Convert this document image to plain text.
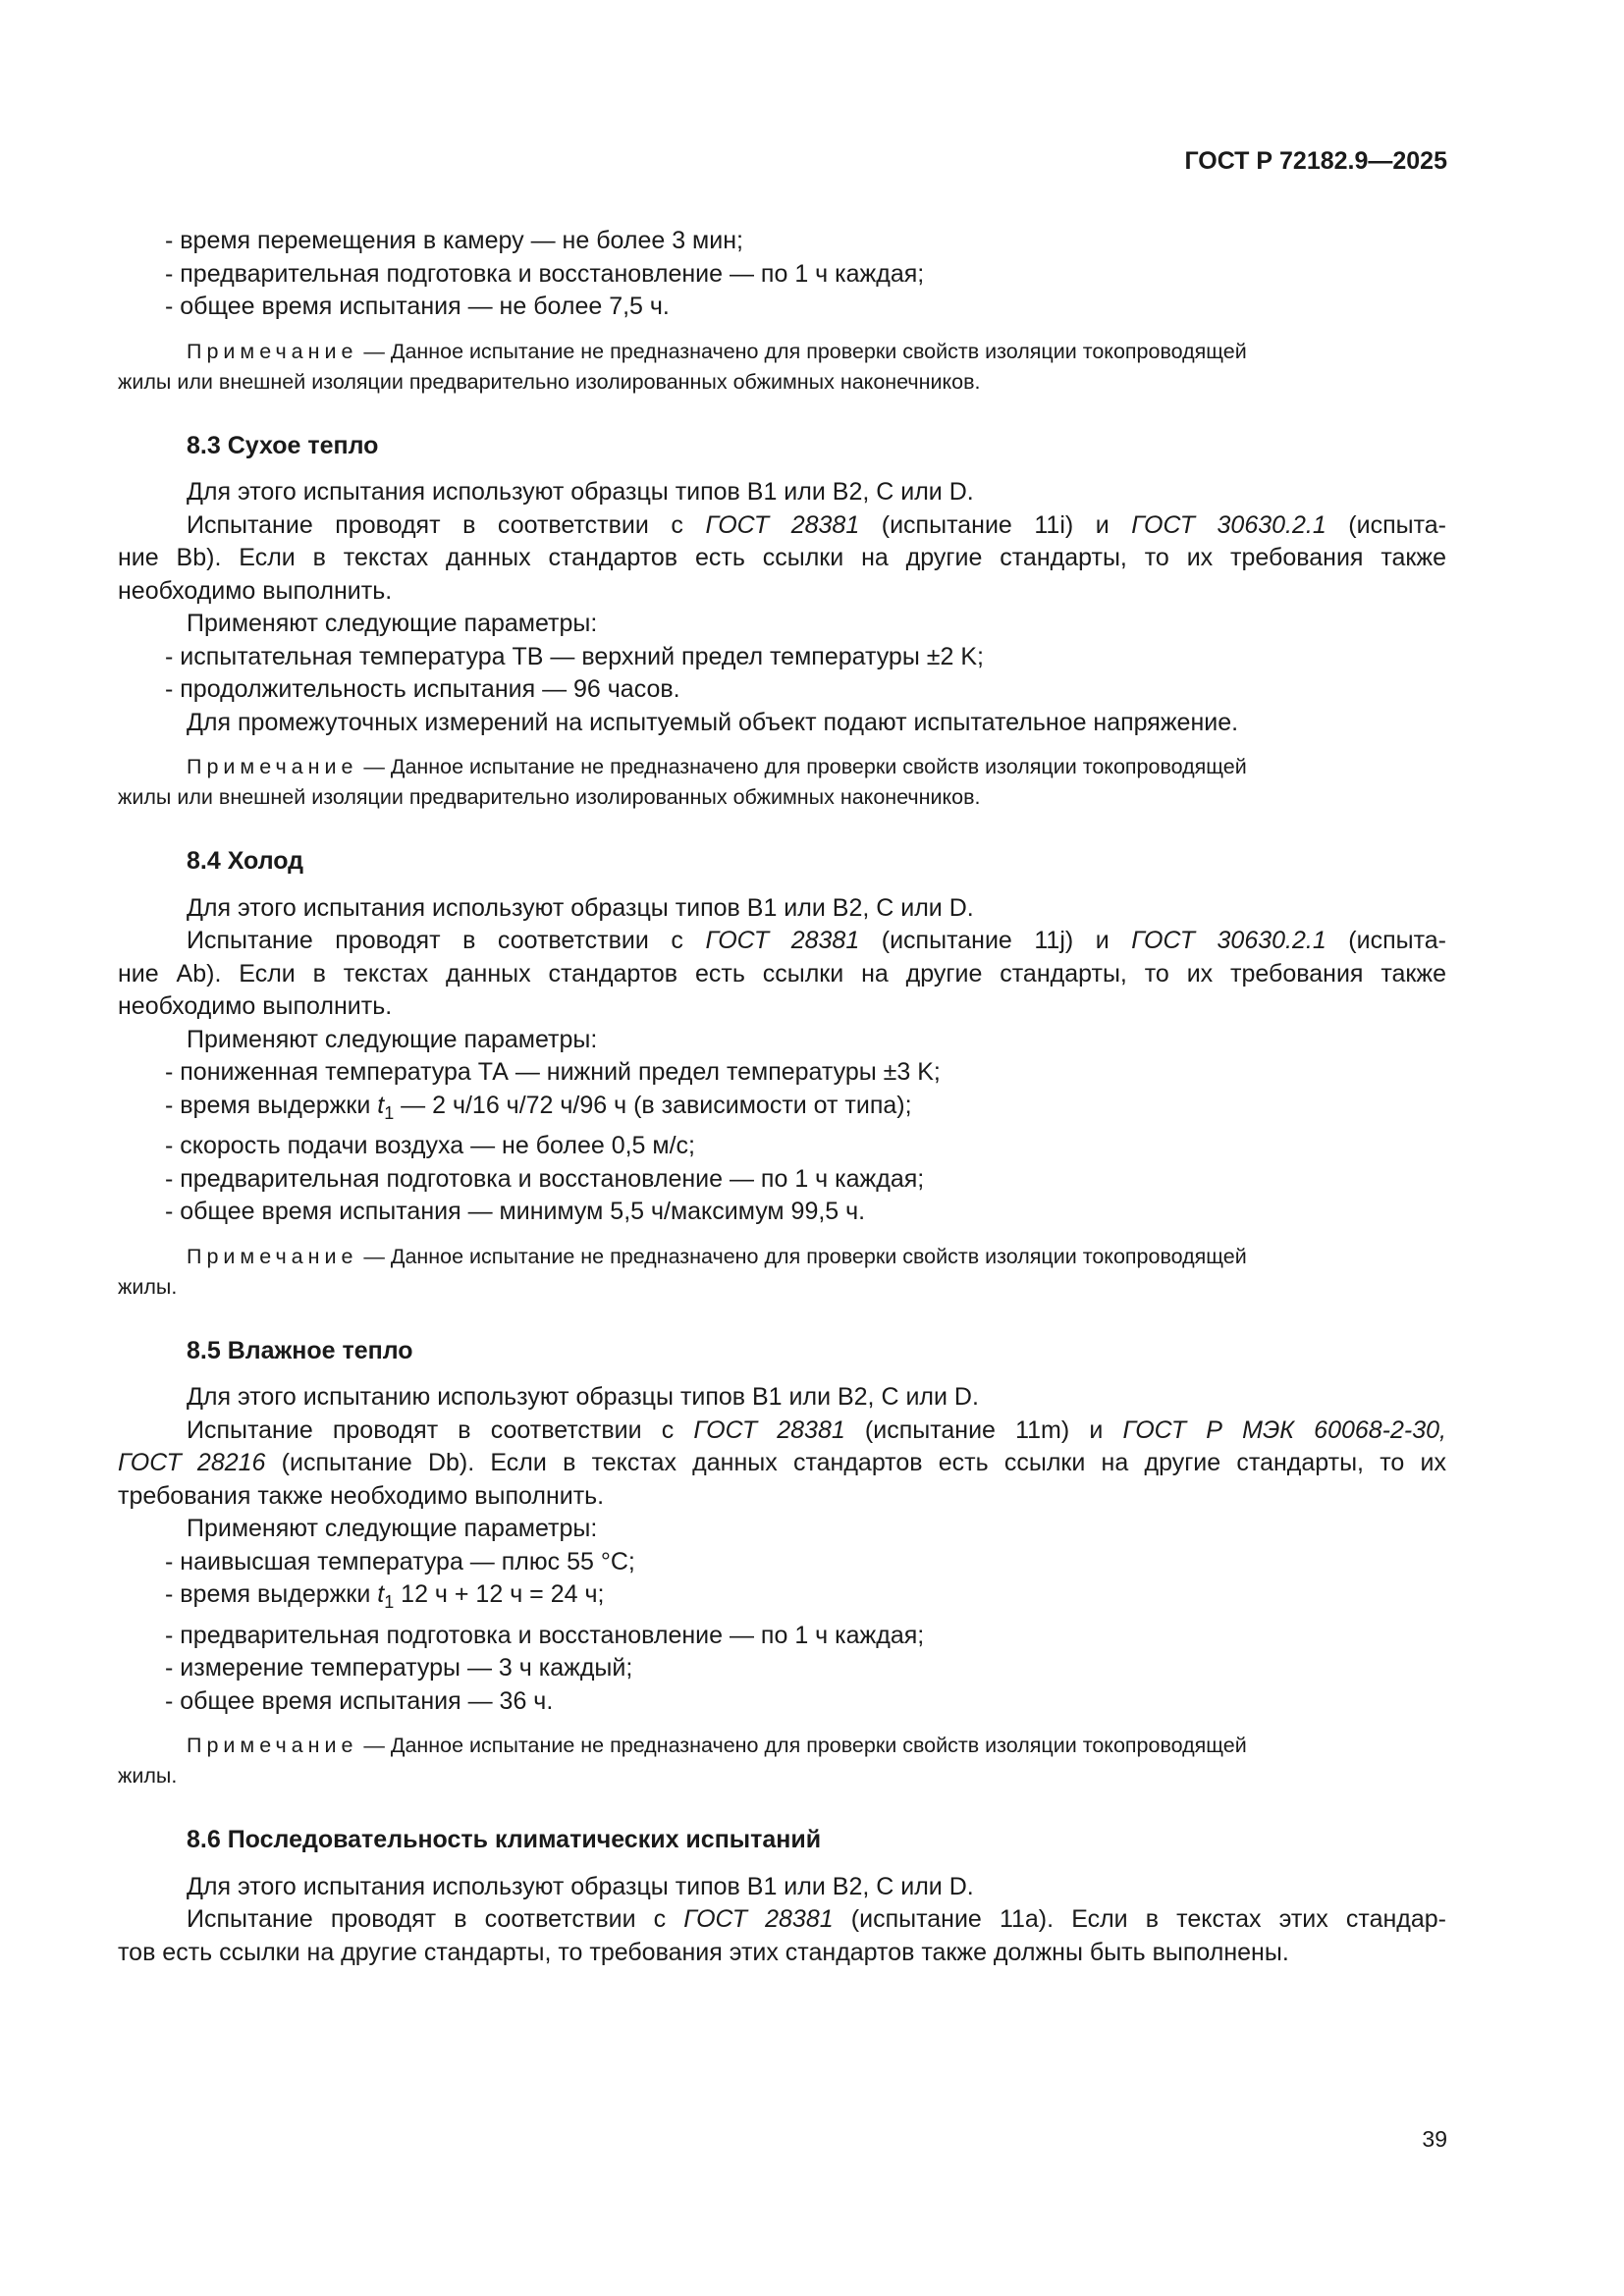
ГОСТ Р 72182.9—2025
- время перемещения в камеру — не более 3 мин;
- предварительная подготовка и восстановление — по 1 ч каждая;
- общее время испытания — не более 7,5 ч.
Примечание — Данное испытание не предназначено для проверки свойств изоляции токопроводящей
жилы или внешней изоляции предварительно изолированных обжимных наконечников.
8.3 Сухое тепло
Для этого испытания используют образцы типов В1 или В2, С или D.
Испытание проводят в соответствии с ГОСТ 28381 (испытание 11i) и ГОСТ 30630.2.1 (испыта-
ние Bb). Если в текстах данных стандартов есть ссылки на другие стандарты, то их требования также
необходимо выполнить.
Применяют следующие параметры:
- испытательная температура ТВ — верхний предел температуры ±2 K;
- продолжительность испытания — 96 часов.
Для промежуточных измерений на испытуемый объект подают испытательное напряжение.
Примечание — Данное испытание не предназначено для проверки свойств изоляции токопроводящей
жилы или внешней изоляции предварительно изолированных обжимных наконечников.
8.4 Холод
Для этого испытания используют образцы типов В1 или В2, С или D.
Испытание проводят в соответствии с ГОСТ 28381 (испытание 11j) и ГОСТ 30630.2.1 (испыта-
ние Ab). Если в текстах данных стандартов есть ссылки на другие стандарты, то их требования также
необходимо выполнить.
Применяют следующие параметры:
- пониженная температура ТА — нижний предел температуры ±3 K;
- время выдержки $t_1$ — 2 ч/16 ч/72 ч/96 ч (в зависимости от типа);
- скорость подачи воздуха — не более 0,5 м/с;
- предварительная подготовка и восстановление — по 1 ч каждая;
- общее время испытания — минимум 5,5 ч/максимум 99,5 ч.
Примечание — Данное испытание не предназначено для проверки свойств изоляции токопроводящей
жилы.
8.5 Влажное тепло
Для этого испытанию используют образцы типов В1 или В2, С или D.
Испытание проводят в соответствии с ГОСТ 28381 (испытание 11m) и ГОСТ Р МЭК 60068-2-30,
ГОСТ 28216 (испытание Db). Если в текстах данных стандартов есть ссылки на другие стандарты, то их
требования также необходимо выполнить.
Применяют следующие параметры:
- наивысшая температура — плюс 55 °C;
- время выдержки $t_1$ 12 ч + 12 ч = 24 ч;
- предварительная подготовка и восстановление — по 1 ч каждая;
- измерение температуры — 3 ч каждый;
- общее время испытания — 36 ч.
Примечание — Данное испытание не предназначено для проверки свойств изоляции токопроводящей
жилы.
8.6 Последовательность климатических испытаний
Для этого испытания используют образцы типов В1 или В2, С или D.
Испытание проводят в соответствии с ГОСТ 28381 (испытание 11а). Если в текстах этих стандар-
тов есть ссылки на другие стандарты, то требования этих стандартов также должны быть выполнены.
39
